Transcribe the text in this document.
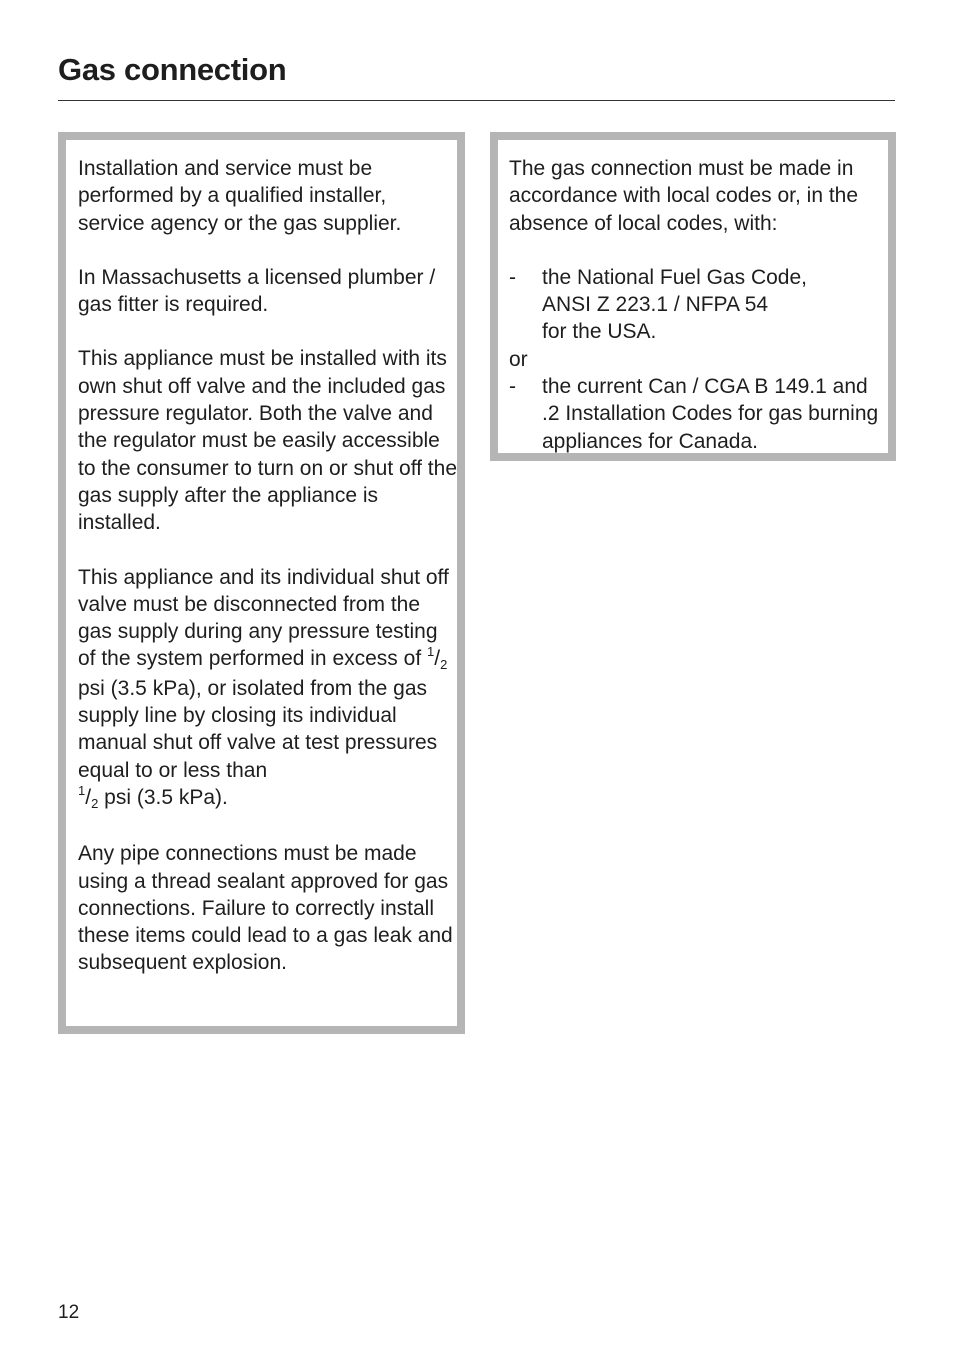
Gas connection

Installation and service must be performed by a qualified installer, service agency or the gas supplier.

In Massachusetts a licensed plumber / gas fitter is required.

This appliance must be installed with its own shut off valve and the included gas pressure regulator. Both the valve and the regulator must be easily accessible to the consumer to turn on or shut off the gas supply after the appliance is installed.

This appliance and its individual shut off valve must be disconnected from the gas supply during any pressure testing of the system performed in excess of $^1/_2$ psi (3.5 kPa), or isolated from the gas supply line by closing its individual manual shut off valve at test pressures equal to or less than
$^1/_2$ psi (3.5 kPa).

Any pipe connections must be made using a thread sealant approved for gas connections. Failure to correctly install these items could lead to a gas leak and subsequent explosion.

The gas connection must be made in accordance with local codes or, in the absence of local codes, with:

- the National Fuel Gas Code,
ANSI Z 223.1 / NFPA 54
for the USA.
or
- the current Can / CGA B 149.1 and .2 Installation Codes for gas burning appliances for Canada.
12
